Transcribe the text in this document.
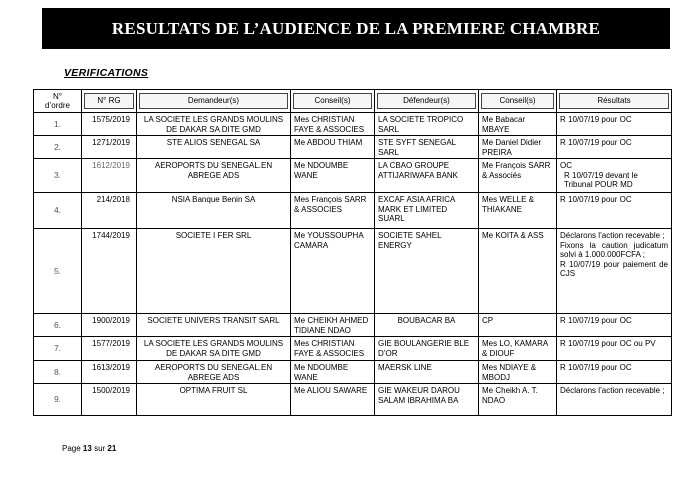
RESULTATS DE L’AUDIENCE DE LA PREMIERE CHAMBRE
VERIFICATIONS
N°
d’ordre	N° RG	Demandeur(s)	Conseil(s)	Défendeur(s)	Conseil(s)	Résultats

1.	1575/2019	LA SOCIETE LES GRANDS MOULINS DE DAKAR SA DITE GMD	Mes CHRISTIAN FAYE & ASSOCIES	LA SOCIETE TROPICO SARL	Me Babacar MBAYE	R 10/07/19 pour OC
2.	1271/2019	STE ALIOS SENEGAL SA	Me ABDOU THIAM	STE SYFT SENEGAL SARL	Me Daniel Didier PREIRA	R 10/07/19 pour OC
3.	1612/2019	AEROPORTS DU SENEGAL.EN ABREGE ADS	Me NDOUMBE WANE	LA CBAO GROUPE ATTIJARIWAFA BANK	Me François SARR & Associés	OC
R 10/07/19 devant le Tribunal POUR MD

4.	214/2018	NSIA Banque Benin SA	Mes François SARR & ASSOCIES	EXCAF ASIA AFRICA MARK ET LIMITED SUARL	Mes WELLE & THIAKANE	R 10/07/19 pour OC
5.	1744/2019	SOCIETE I FER SRL	Me YOUSSOUPHA CAMARA	SOCIETE SAHEL ENERGY	Me KOITA & ASS	Déclarons l’action recevable ;
Fixons la caution judicatum solvi à 1.000.000FCFA ;
R 10/07/19 pour paiement de CJS

6.	1900/2019	SOCIETE UNIVERS TRANSIT SARL	Me CHEIKH AHMED TIDIANE NDAO	BOUBACAR BA	CP	R 10/07/19 pour OC
7.	1577/2019	LA SOCIETE LES GRANDS MOULINS DE DAKAR SA DITE GMD	Mes CHRISTIAN FAYE & ASSOCIES	GIE BOULANGERIE BLE D’OR	Mes LO, KAMARA & DIOUF	R 10/07/19 pour OC ou PV
8.	1613/2019	AEROPORTS DU SENEGAL.EN ABREGE ADS	Me NDOUMBE WANE	MAERSK LINE	Mes NDIAYE & MBODJ	R 10/07/19 pour OC
9.	1500/2019	OPTIMA FRUIT SL	Me ALIOU SAWARE	GIE WAKEUR DAROU SALAM IBRAHIMA BA	Me Cheikh A. T. NDAO	Déclarons l’action recevable ;
Page 13 sur 21
